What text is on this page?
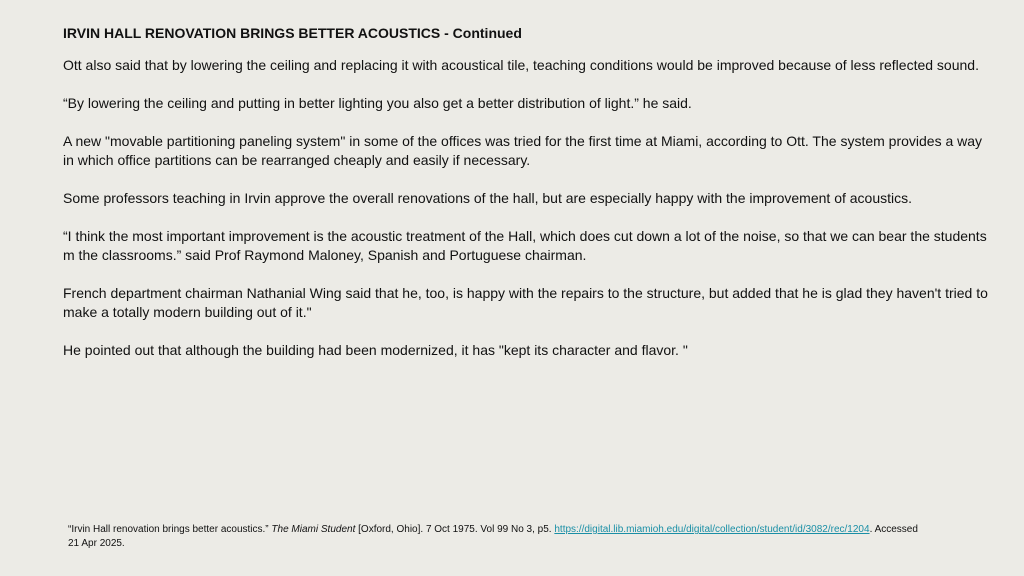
IRVIN HALL RENOVATION BRINGS BETTER ACOUSTICS - Continued

Ott also said that by lowering the ceiling and replacing it with acoustical tile, teaching conditions would be improved because of less reflected sound.

“By lowering the ceiling and putting in better lighting you also get a better distribution of light.” he said.

A new "movable partitioning paneling system" in some of the offices was tried for the first time at Miami, according to Ott. The system provides a way in which office partitions can be rearranged cheaply and easily if necessary.

Some professors teaching in Irvin approve the overall renovations of the hall, but are especially happy with the improvement of acoustics.

“I think the most important improvement is the acoustic treatment of the Hall, which does cut down a lot of the noise, so that we can bear the students m the classrooms.” said Prof Raymond Maloney, Spanish and Portuguese chairman.

French department chairman Nathanial Wing said that he, too, is happy with the repairs to the structure, but added that he is glad they haven't tried to make a totally modern building out of it."

He pointed out that although the building had been modernized, it has "kept its character and flavor. "

“Irvin Hall renovation brings better acoustics.” The Miami Student [Oxford, Ohio]. 7 Oct 1975. Vol 99 No 3, p5. https://digital.lib.miamioh.edu/digital/collection/student/id/3082/rec/1204. Accessed 21 Apr 2025.
